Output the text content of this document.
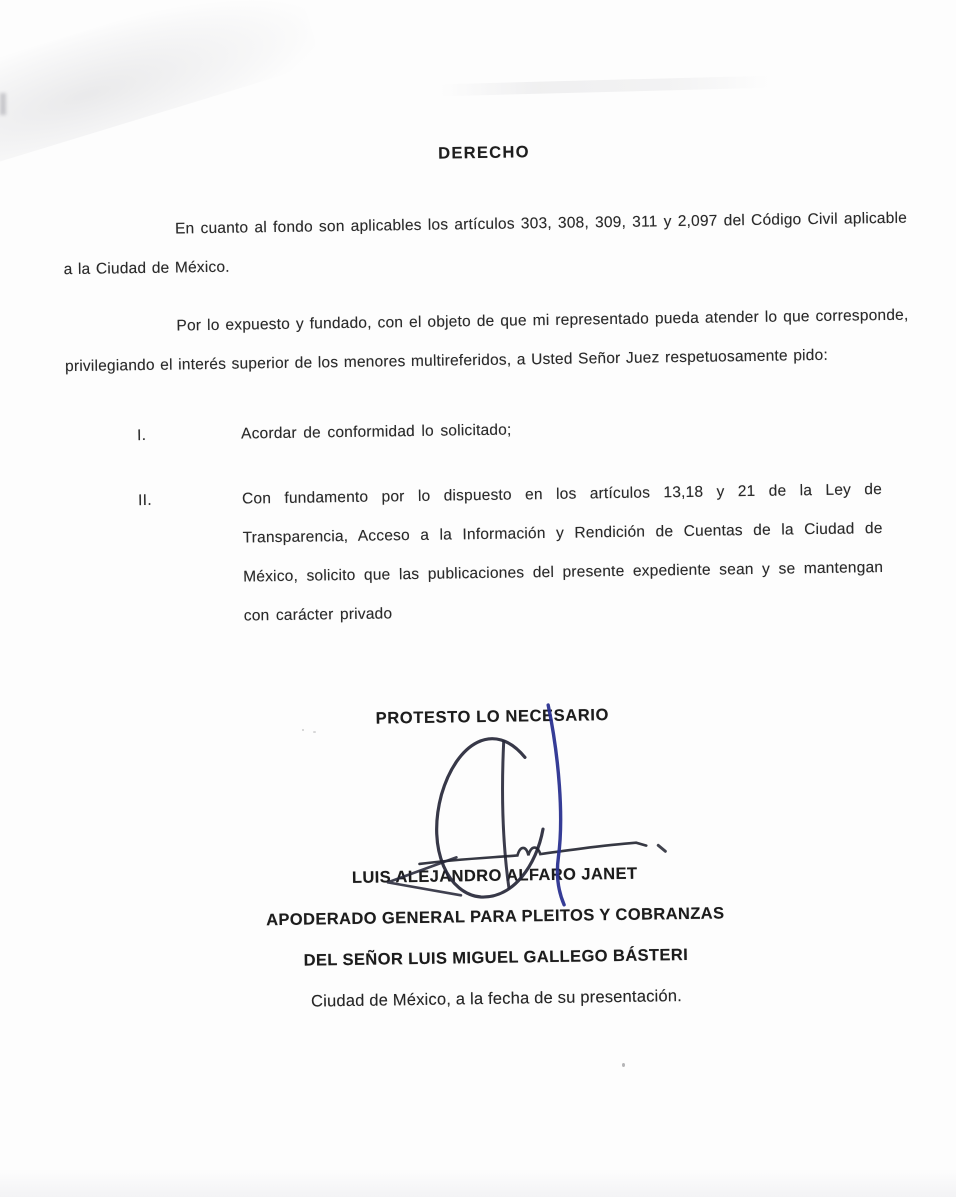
DERECHO

En cuanto al fondo son aplicables los artículos 303, 308, 309, 311 y 2,097 del Código Civil aplicable a la Ciudad de México.

Por lo expuesto y fundado, con el objeto de que mi representado pueda atender lo que corresponde, privilegiando el interés superior de los menores multireferidos, a Usted Señor Juez respetuosamente pido:

I.	Acordar de conformidad lo solicitado;
II.	Con fundamento por lo dispuesto en los artículos 13,18 y 21 de la Ley de Transparencia, Acceso a la Información y Rendición de Cuentas de la Ciudad de México, solicito que las publicaciones del presente expediente sean y se mantengan con carácter privado
PROTESTO LO NECESARIO
LUIS ALEJANDRO ALFARO JANET
APODERADO GENERAL PARA PLEITOS Y COBRANZAS
DEL SEÑOR LUIS MIGUEL GALLEGO BÁSTERI
Ciudad de México, a la fecha de su presentación.
